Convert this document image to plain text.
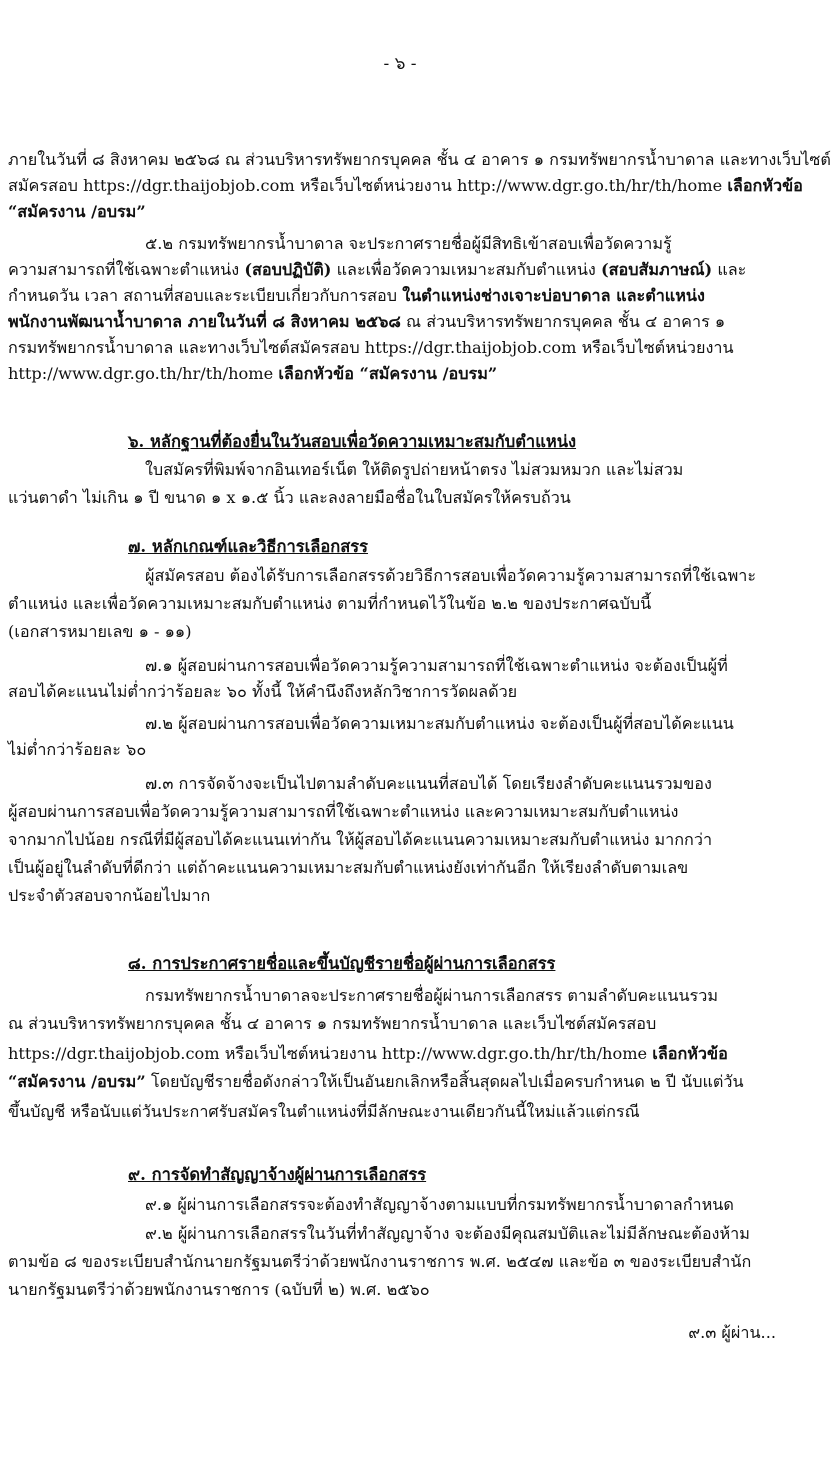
- ๖ -
ภายในวันที่ ๘ สิงหาคม ๒๕๖๘ ณ ส่วนบริหารทรัพยากรบุคคล ชั้น ๔ อาคาร ๑ กรมทรัพยากรน้ำบาดาล และทางเว็บไซต์
สมัครสอบ https://dgr.thaijobjob.com หรือเว็บไซต์หน่วยงาน http://www.dgr.go.th/hr/th/home เลือกหัวข้อ
“สมัครงาน /อบรม”
๕.๒ กรมทรัพยากรน้ำบาดาล จะประกาศรายชื่อผู้มีสิทธิเข้าสอบเพื่อวัดความรู้
ความสามารถที่ใช้เฉพาะตำแหน่ง (สอบปฏิบัติ) และเพื่อวัดความเหมาะสมกับตำแหน่ง (สอบสัมภาษณ์) และ
กำหนดวัน เวลา สถานที่สอบและระเบียบเกี่ยวกับการสอบ ในตำแหน่งช่างเจาะบ่อบาดาล และตำแหน่ง
พนักงานพัฒนาน้ำบาดาล ภายในวันที่ ๘ สิงหาคม ๒๕๖๘ ณ ส่วนบริหารทรัพยากรบุคคล ชั้น ๔ อาคาร ๑
กรมทรัพยากรน้ำบาดาล และทางเว็บไซต์สมัครสอบ https://dgr.thaijobjob.com หรือเว็บไซต์หน่วยงาน
http://www.dgr.go.th/hr/th/home เลือกหัวข้อ “สมัครงาน /อบรม”
๖. หลักฐานที่ต้องยื่นในวันสอบเพื่อวัดความเหมาะสมกับตำแหน่ง
ใบสมัครที่พิมพ์จากอินเทอร์เน็ต ให้ติดรูปถ่ายหน้าตรง ไม่สวมหมวก และไม่สวม
แว่นตาดำ ไม่เกิน ๑ ปี ขนาด ๑ x ๑.๕ นิ้ว และลงลายมือชื่อในใบสมัครให้ครบถ้วน
๗. หลักเกณฑ์และวิธีการเลือกสรร
ผู้สมัครสอบ ต้องได้รับการเลือกสรรด้วยวิธีการสอบเพื่อวัดความรู้ความสามารถที่ใช้เฉพาะ
ตำแหน่ง และเพื่อวัดความเหมาะสมกับตำแหน่ง ตามที่กำหนดไว้ในข้อ ๒.๒ ของประกาศฉบับนี้
(เอกสารหมายเลข ๑ - ๑๑)
๗.๑ ผู้สอบผ่านการสอบเพื่อวัดความรู้ความสามารถที่ใช้เฉพาะตำแหน่ง จะต้องเป็นผู้ที่
สอบได้คะแนนไม่ต่ำกว่าร้อยละ ๖๐ ทั้งนี้ ให้คำนึงถึงหลักวิชาการวัดผลด้วย
๗.๒ ผู้สอบผ่านการสอบเพื่อวัดความเหมาะสมกับตำแหน่ง จะต้องเป็นผู้ที่สอบได้คะแนน
ไม่ต่ำกว่าร้อยละ ๖๐
๗.๓ การจัดจ้างจะเป็นไปตามลำดับคะแนนที่สอบได้ โดยเรียงลำดับคะแนนรวมของ
ผู้สอบผ่านการสอบเพื่อวัดความรู้ความสามารถที่ใช้เฉพาะตำแหน่ง และความเหมาะสมกับตำแหน่ง
จากมากไปน้อย กรณีที่มีผู้สอบได้คะแนนเท่ากัน ให้ผู้สอบได้คะแนนความเหมาะสมกับตำแหน่ง มากกว่า
เป็นผู้อยู่ในลำดับที่ดีกว่า แต่ถ้าคะแนนความเหมาะสมกับตำแหน่งยังเท่ากันอีก ให้เรียงลำดับตามเลข
ประจำตัวสอบจากน้อยไปมาก
๘. การประกาศรายชื่อและขึ้นบัญชีรายชื่อผู้ผ่านการเลือกสรร
กรมทรัพยากรน้ำบาดาลจะประกาศรายชื่อผู้ผ่านการเลือกสรร ตามลำดับคะแนนรวม
ณ ส่วนบริหารทรัพยากรบุคคล ชั้น ๔ อาคาร ๑ กรมทรัพยากรน้ำบาดาล และเว็บไซต์สมัครสอบ
https://dgr.thaijobjob.com หรือเว็บไซต์หน่วยงาน http://www.dgr.go.th/hr/th/home เลือกหัวข้อ
“สมัครงาน /อบรม” โดยบัญชีรายชื่อดังกล่าวให้เป็นอันยกเลิกหรือสิ้นสุดผลไปเมื่อครบกำหนด ๒ ปี นับแต่วัน
ขึ้นบัญชี หรือนับแต่วันประกาศรับสมัครในตำแหน่งที่มีลักษณะงานเดียวกันนี้ใหม่แล้วแต่กรณี
๙. การจัดทำสัญญาจ้างผู้ผ่านการเลือกสรร
๙.๑ ผู้ผ่านการเลือกสรรจะต้องทำสัญญาจ้างตามแบบที่กรมทรัพยากรน้ำบาดาลกำหนด
๙.๒ ผู้ผ่านการเลือกสรรในวันที่ทำสัญญาจ้าง จะต้องมีคุณสมบัติและไม่มีลักษณะต้องห้าม
ตามข้อ ๘ ของระเบียบสำนักนายกรัฐมนตรีว่าด้วยพนักงานราชการ พ.ศ. ๒๕๔๗ และข้อ ๓ ของระเบียบสำนัก
นายกรัฐมนตรีว่าด้วยพนักงานราชการ (ฉบับที่ ๒) พ.ศ. ๒๕๖๐
๙.๓ ผู้ผ่าน...
